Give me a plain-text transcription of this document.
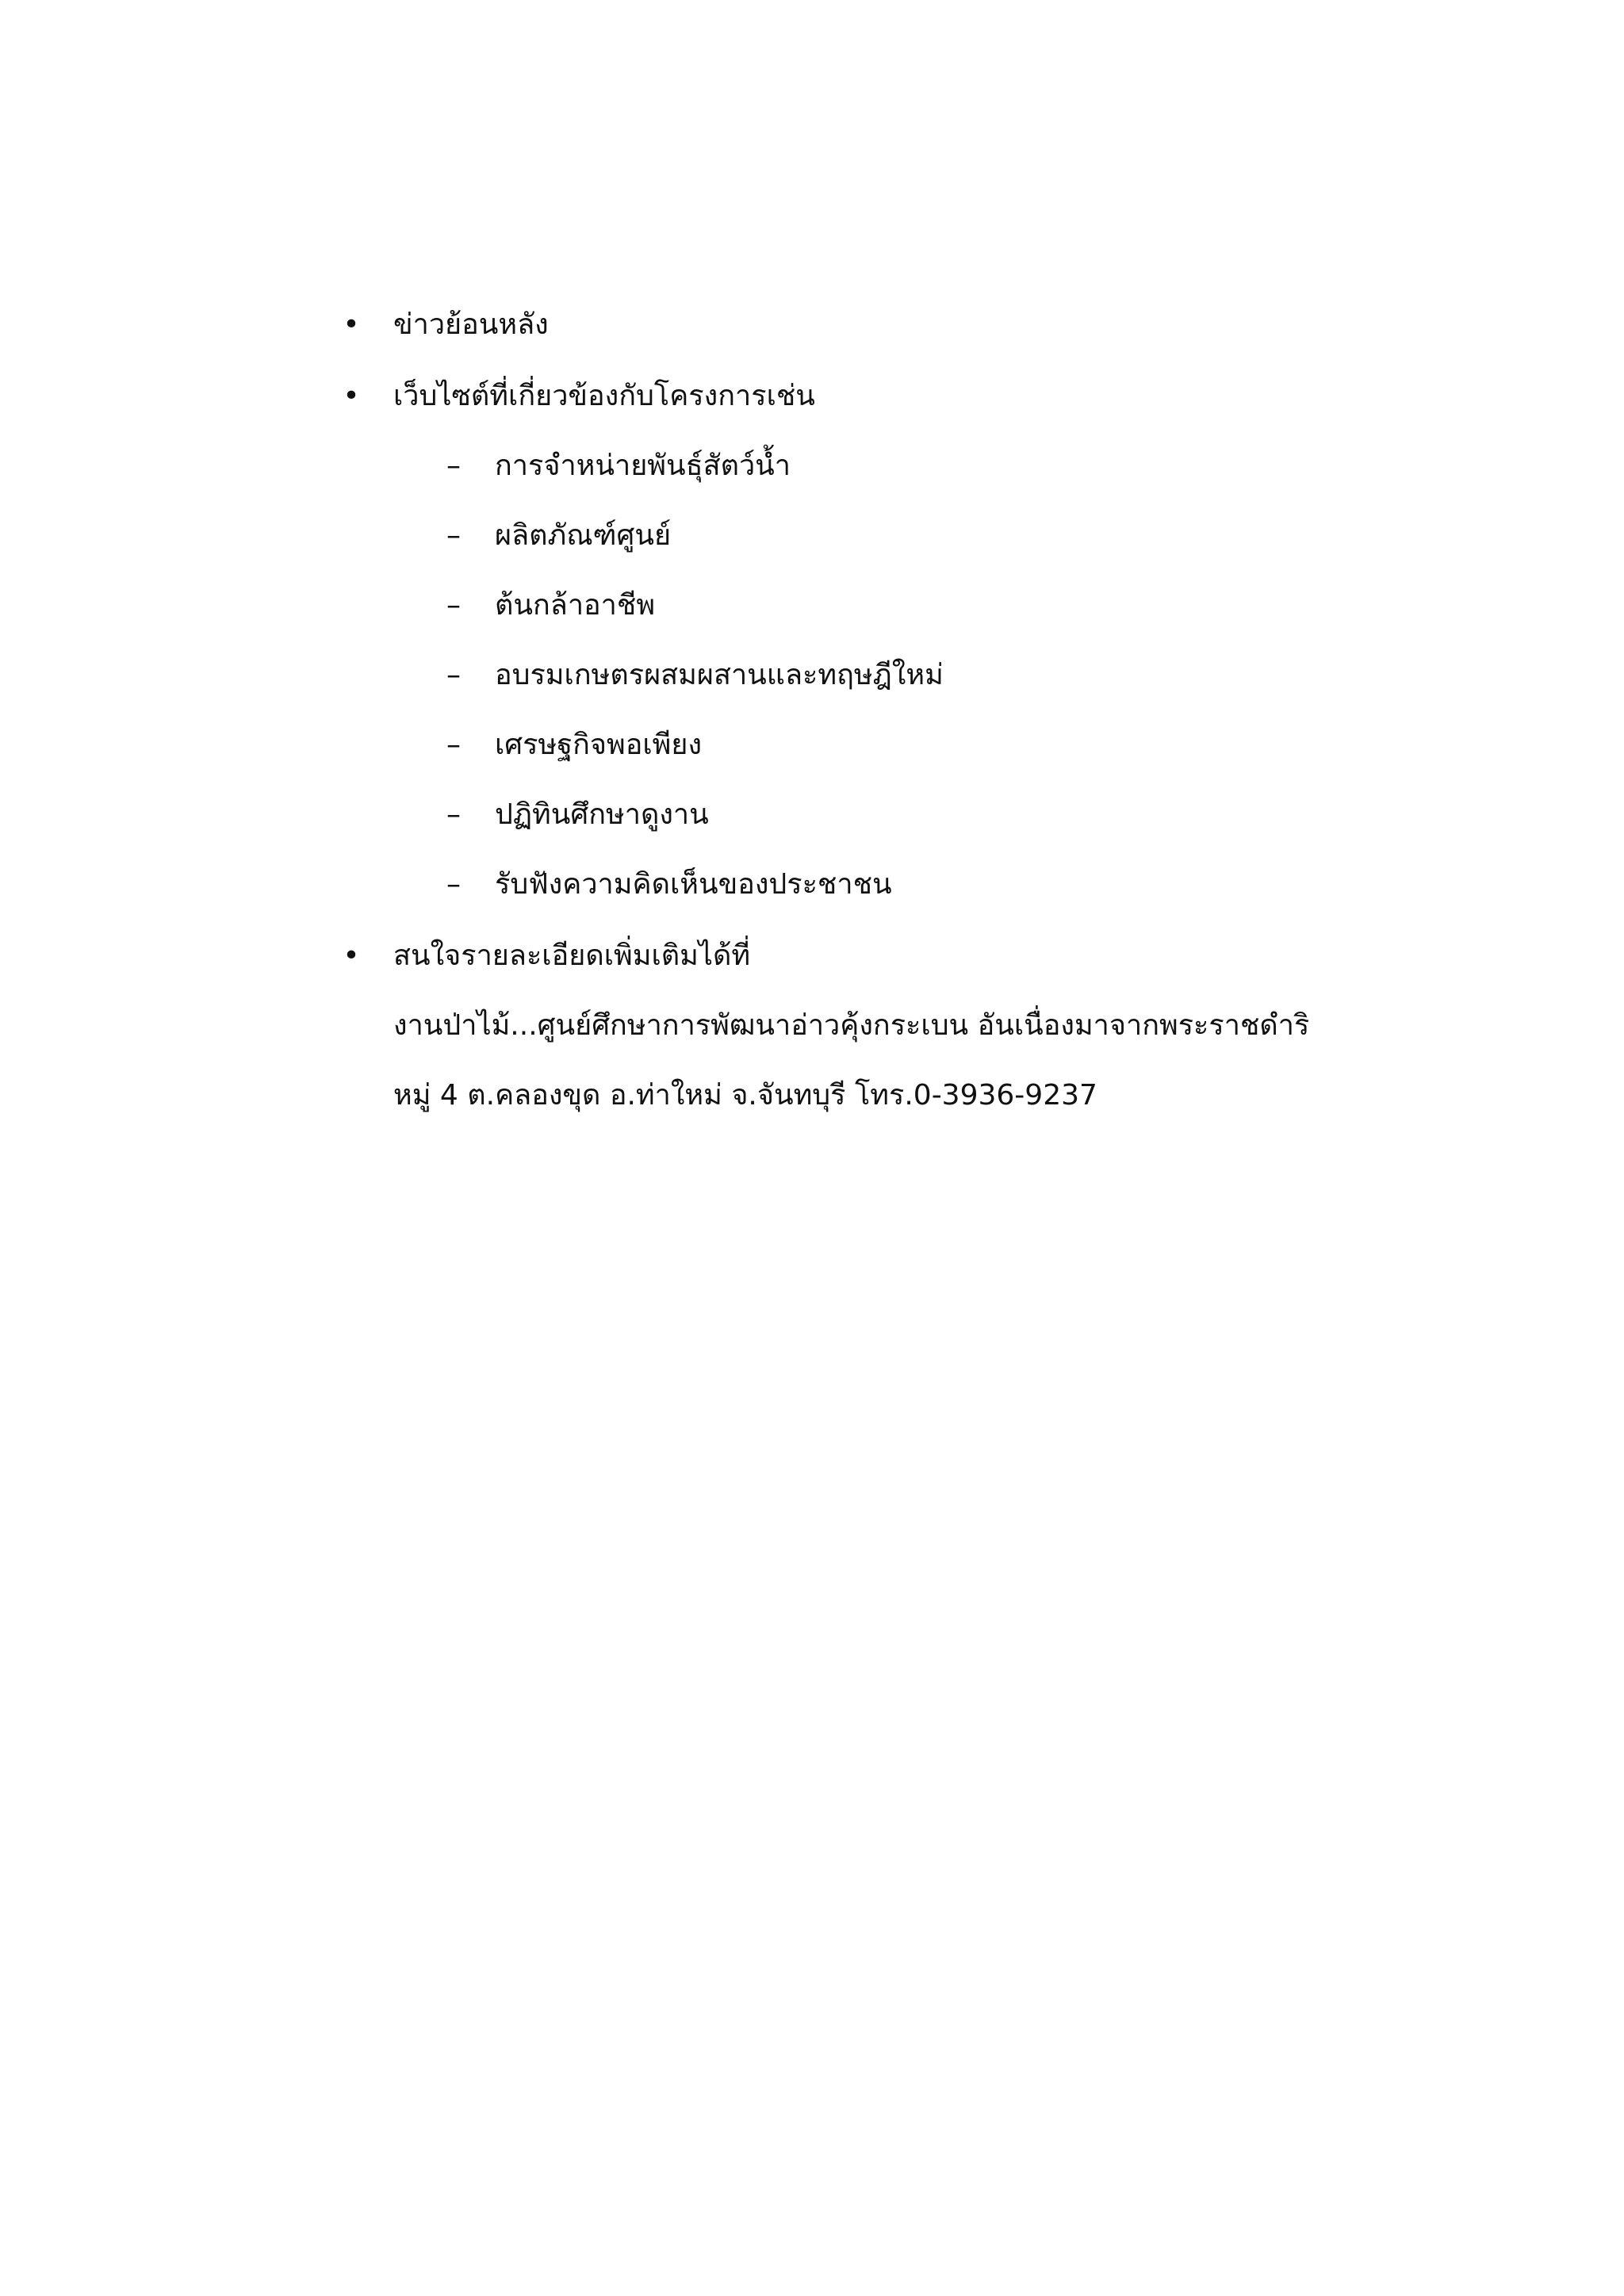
• ข่าวย้อนหลัง
• เว็บไซต์ที่เกี่ยวข้องกับโครงการเช่น
–	การจำหน่ายพันธุ์สัตว์น้ำ
–	ผลิตภัณฑ์ศูนย์
–	ต้นกล้าอาชีพ
–	อบรมเกษตรผสมผสานและทฤษฎีใหม่
–	เศรษฐกิจพอเพียง
–	ปฏิทินศึกษาดูงาน
–	รับฟังความคิดเห็นของประชาชน
• สนใจรายละเอียดเพิ่มเติมได้ที่
งานป่าไม้...ศูนย์ศึกษาการพัฒนาอ่าวคุ้งกระเบน อันเนื่องมาจากพระราชดำริ
หมู่ 4 ต.คลองขุด อ.ท่าใหม่ จ.จันทบุรี โทร.0-3936-9237
